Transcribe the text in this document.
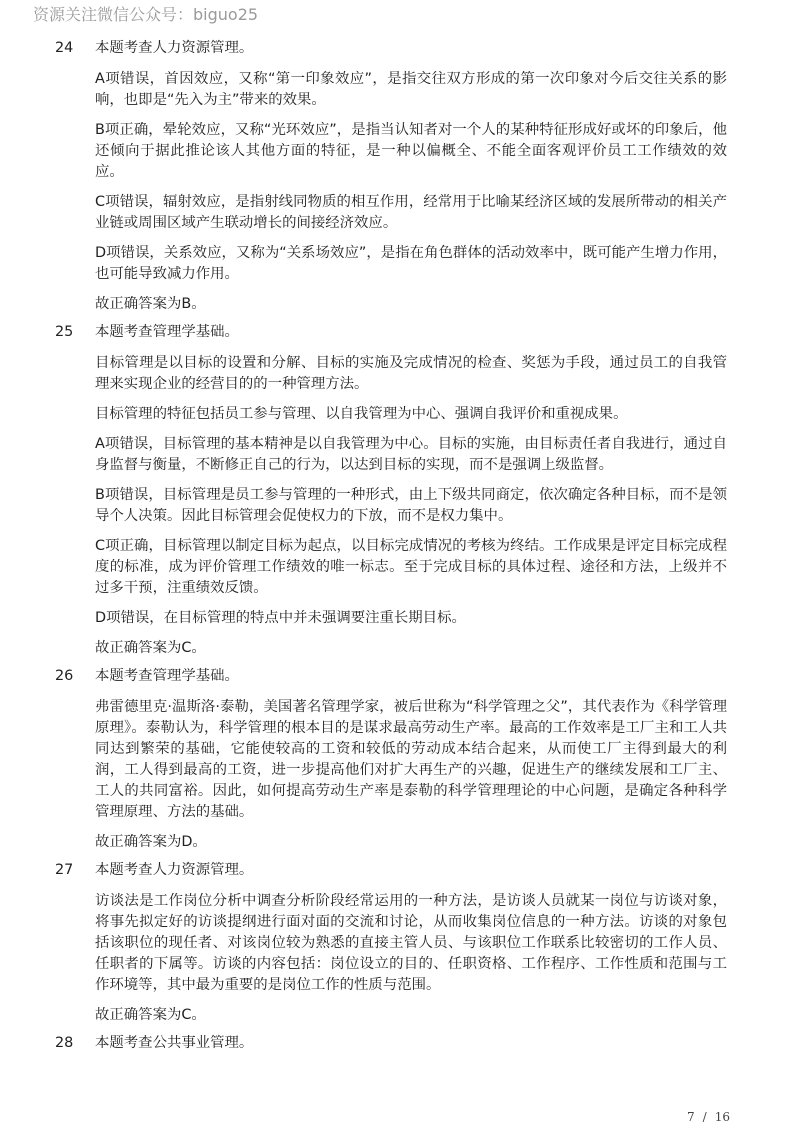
资源关注微信公众号：biguo25
24	本题考查人力资源管理。

A项错误，首因效应，又称“第一印象效应”，是指交往双方形成的第一次印象对今后交往关系的影响，也即是“先入为主”带来的效果。

B项正确，晕轮效应，又称“光环效应”，是指当认知者对一个人的某种特征形成好或坏的印象后，他还倾向于据此推论该人其他方面的特征，是一种以偏概全、不能全面客观评价员工工作绩效的效应。

C项错误，辐射效应，是指射线同物质的相互作用，经常用于比喻某经济区域的发展所带动的相关产业链或周围区域产生联动增长的间接经济效应。

D项错误，关系效应，又称为“关系场效应”，是指在角色群体的活动效率中，既可能产生增力作用，也可能导致减力作用。

故正确答案为B。

25	本题考查管理学基础。

目标管理是以目标的设置和分解、目标的实施及完成情况的检查、奖惩为手段，通过员工的自我管理来实现企业的经营目的的一种管理方法。

目标管理的特征包括员工参与管理、以自我管理为中心、强调自我评价和重视成果。

A项错误，目标管理的基本精神是以自我管理为中心。目标的实施，由目标责任者自我进行，通过自身监督与衡量，不断修正自己的行为，以达到目标的实现，而不是强调上级监督。

B项错误，目标管理是员工参与管理的一种形式，由上下级共同商定，依次确定各种目标，而不是领导个人决策。因此目标管理会促使权力的下放，而不是权力集中。

C项正确，目标管理以制定目标为起点，以目标完成情况的考核为终结。工作成果是评定目标完成程度的标准，成为评价管理工作绩效的唯一标志。至于完成目标的具体过程、途径和方法，上级并不过多干预，注重绩效反馈。

D项错误，在目标管理的特点中并未强调要注重长期目标。

故正确答案为C。

26	本题考查管理学基础。

弗雷德里克·温斯洛·泰勒，美国著名管理学家，被后世称为“科学管理之父”，其代表作为《科学管理原理》。泰勒认为，科学管理的根本目的是谋求最高劳动生产率。最高的工作效率是工厂主和工人共同达到繁荣的基础，它能使较高的工资和较低的劳动成本结合起来，从而使工厂主得到最大的利润，工人得到最高的工资，进一步提高他们对扩大再生产的兴趣，促进生产的继续发展和工厂主、工人的共同富裕。因此，如何提高劳动生产率是泰勒的科学管理理论的中心问题，是确定各种科学管理原理、方法的基础。

故正确答案为D。

27	本题考查人力资源管理。

访谈法是工作岗位分析中调查分析阶段经常运用的一种方法，是访谈人员就某一岗位与访谈对象，将事先拟定好的访谈提纲进行面对面的交流和讨论，从而收集岗位信息的一种方法。访谈的对象包括该职位的现任者、对该岗位较为熟悉的直接主管人员、与该职位工作联系比较密切的工作人员、任职者的下属等。访谈的内容包括：岗位设立的目的、任职资格、工作程序、工作性质和范围与工作环境等，其中最为重要的是岗位工作的性质与范围。

故正确答案为C。

28	本题考查公共事业管理。
7 / 16
